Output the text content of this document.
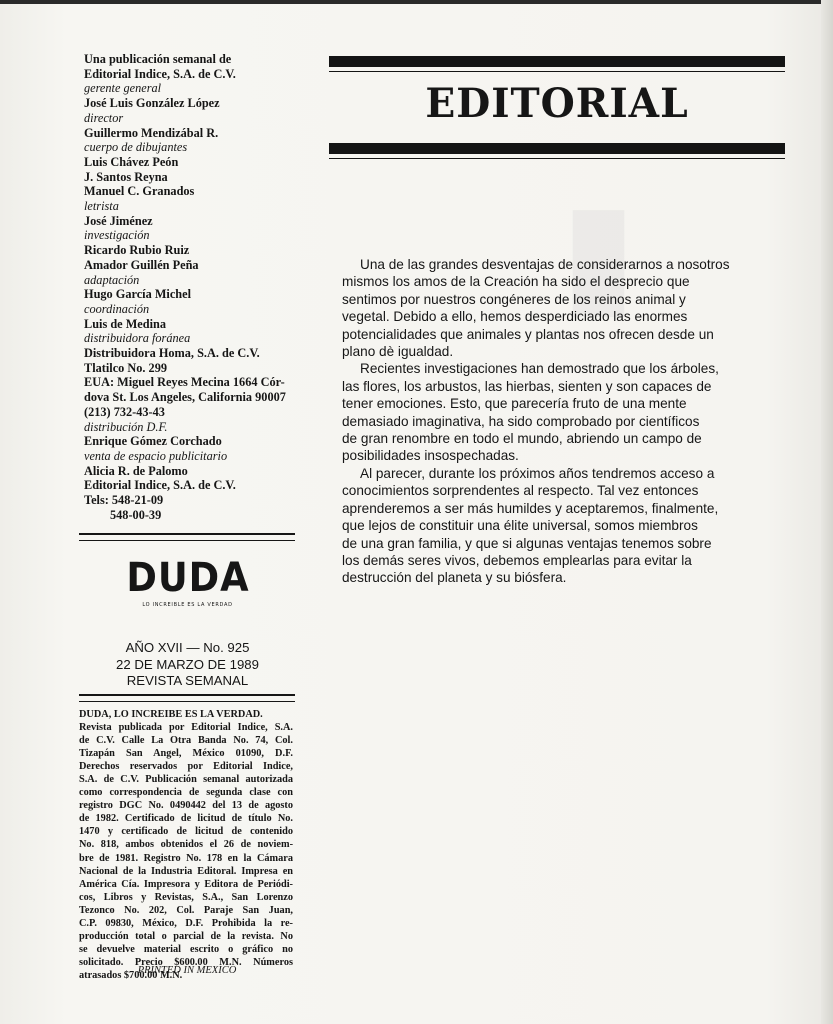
▮
Una publicación semanal de
Editorial Indice, S.A. de C.V.
gerente general
José Luis González López
director
Guillermo Mendizábal R.
cuerpo de dibujantes
Luis Chávez Peón
J. Santos Reyna
Manuel C. Granados
letrista
José Jiménez
investigación
Ricardo Rubio Ruiz
Amador Guillén Peña
adaptación
Hugo García Michel
coordinación
Luis de Medina
distribuidora foránea
Distribuidora Homa, S.A. de C.V.
Tlatilco No. 299
EUA: Miguel Reyes Mecina 1664 Cór-
dova St. Los Angeles, California 90007
(213) 732-43-43
distribución D.F.
Enrique Gómez Corchado
venta de espacio publicitario
Alicia R. de Palomo
Editorial Indice, S.A. de C.V.
Tels: 548-21-09
548-00-39
DUDA
LO INCREIBLE ES LA VERDAD
AÑO XVII — No. 925
22 DE MARZO DE 1989
REVISTA SEMANAL
DUDA, LO INCREIBE ES LA VERDAD.
Revista publicada por Editorial Indice, S.A.
de C.V. Calle La Otra Banda No. 74, Col.
Tizapán San Angel, México 01090, D.F.
Derechos reservados por Editorial Indice,
S.A. de C.V. Publicación semanal autorizada
como correspondencia de segunda clase con
registro DGC No. 0490442 del 13 de agosto
de 1982. Certificado de licitud de título No.
1470 y certificado de licitud de contenido
No. 818, ambos obtenidos el 26 de noviem-
bre de 1981. Registro No. 178 en la Cámara
Nacional de la Industria Editoral. Impresa en
América Cía. Impresora y Editora de Periódi-
cos, Libros y Revistas, S.A., San Lorenzo
Tezonco No. 202, Col. Paraje San Juan,
C.P. 09830, México, D.F. Prohibida la re-
producción total o parcial de la revista. No
se devuelve material escrito o gráfico no
solicitado. Precio $600.00 M.N. Números
atrasados $700.00 M.N.
PRINTED IN MEXICO
EDITORIAL
Una de las grandes desventajas de considerarnos a nosotros
mismos los amos de la Creación ha sido el desprecio que
sentimos por nuestros congéneres de los reinos animal y
vegetal. Debido a ello, hemos desperdiciado las enormes
potencialidades que animales y plantas nos ofrecen desde un
plano dè igualdad.
Recientes investigaciones han demostrado que los árboles,
las flores, los arbustos, las hierbas, sienten y son capaces de
tener emociones. Esto, que parecería fruto de una mente
demasiado imaginativa, ha sido comprobado por científicos
de gran renombre en todo el mundo, abriendo un campo de
posibilidades insospechadas.
Al parecer, durante los próximos años tendremos acceso a
conocimientos sorprendentes al respecto. Tal vez entonces
aprenderemos a ser más humildes y aceptaremos, finalmente,
que lejos de constituir una élite universal, somos miembros
de una gran familia, y que si algunas ventajas tenemos sobre
los demás seres vivos, debemos emplearlas para evitar la
destrucción del planeta y su biósfera.
